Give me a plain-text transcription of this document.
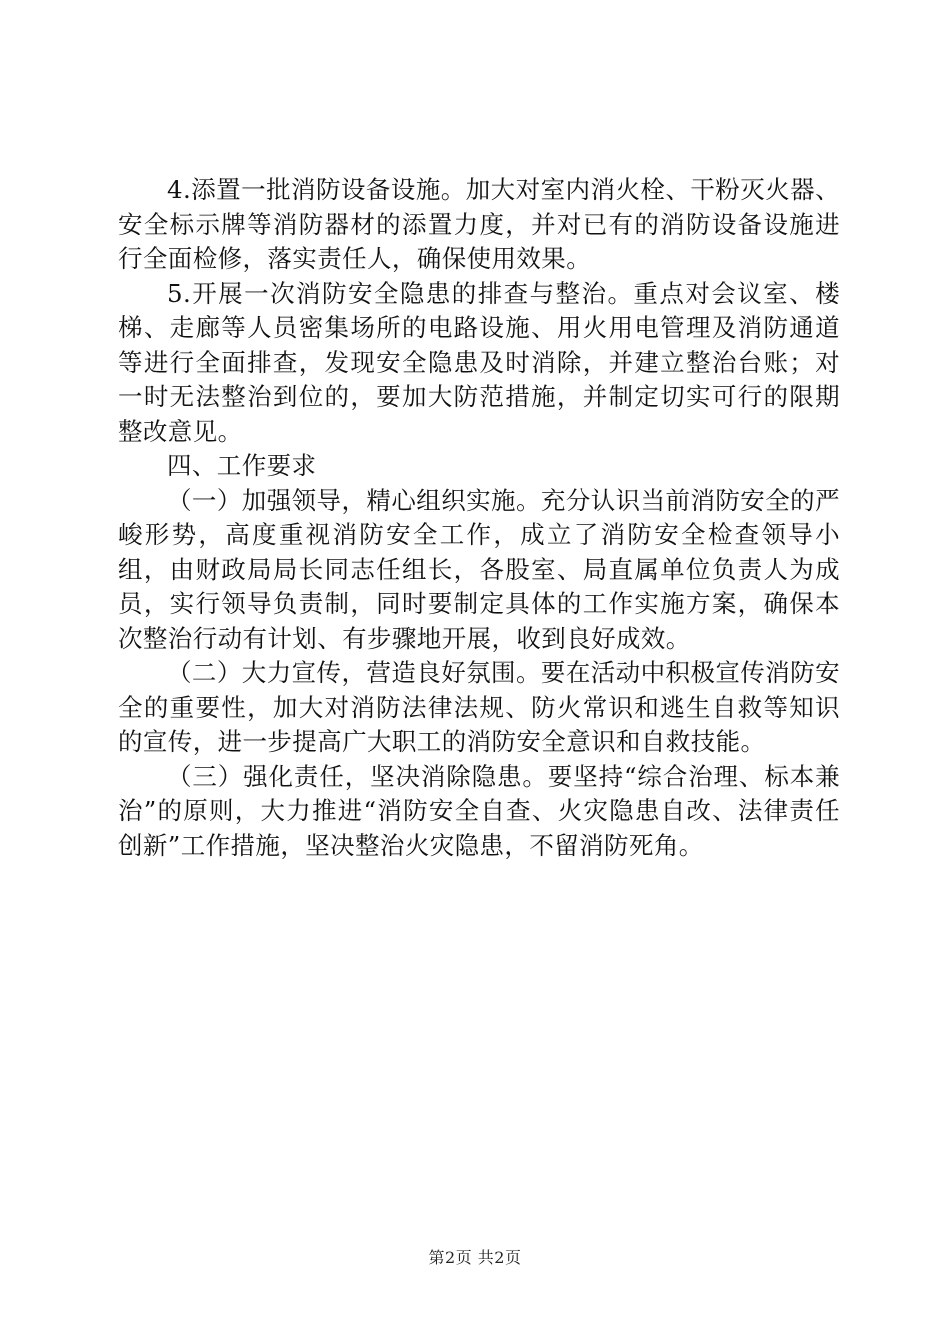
4.添置一批消防设备设施。加大对室内消火栓、干粉灭火器、安全标示牌等消防器材的添置力度，并对已有的消防设备设施进行全面检修，落实责任人，确保使用效果。

5.开展一次消防安全隐患的排查与整治。重点对会议室、楼梯、走廊等人员密集场所的电路设施、用火用电管理及消防通道等进行全面排查，发现安全隐患及时消除，并建立整治台账；对一时无法整治到位的，要加大防范措施，并制定切实可行的限期整改意见。

四、工作要求

（一）加强领导，精心组织实施。充分认识当前消防安全的严峻形势，高度重视消防安全工作，成立了消防安全检查领导小组，由财政局局长同志任组长，各股室、局直属单位负责人为成员，实行领导负责制，同时要制定具体的工作实施方案，确保本次整治行动有计划、有步骤地开展，收到良好成效。

（二）大力宣传，营造良好氛围。要在活动中积极宣传消防安全的重要性，加大对消防法律法规、防火常识和逃生自救等知识的宣传，进一步提高广大职工的消防安全意识和自救技能。

（三）强化责任，坚决消除隐患。要坚持“综合治理、标本兼治”的原则，大力推进“消防安全自查、火灾隐患自改、法律责任创新”工作措施，坚决整治火灾隐患，不留消防死角。

第2页 共2页
